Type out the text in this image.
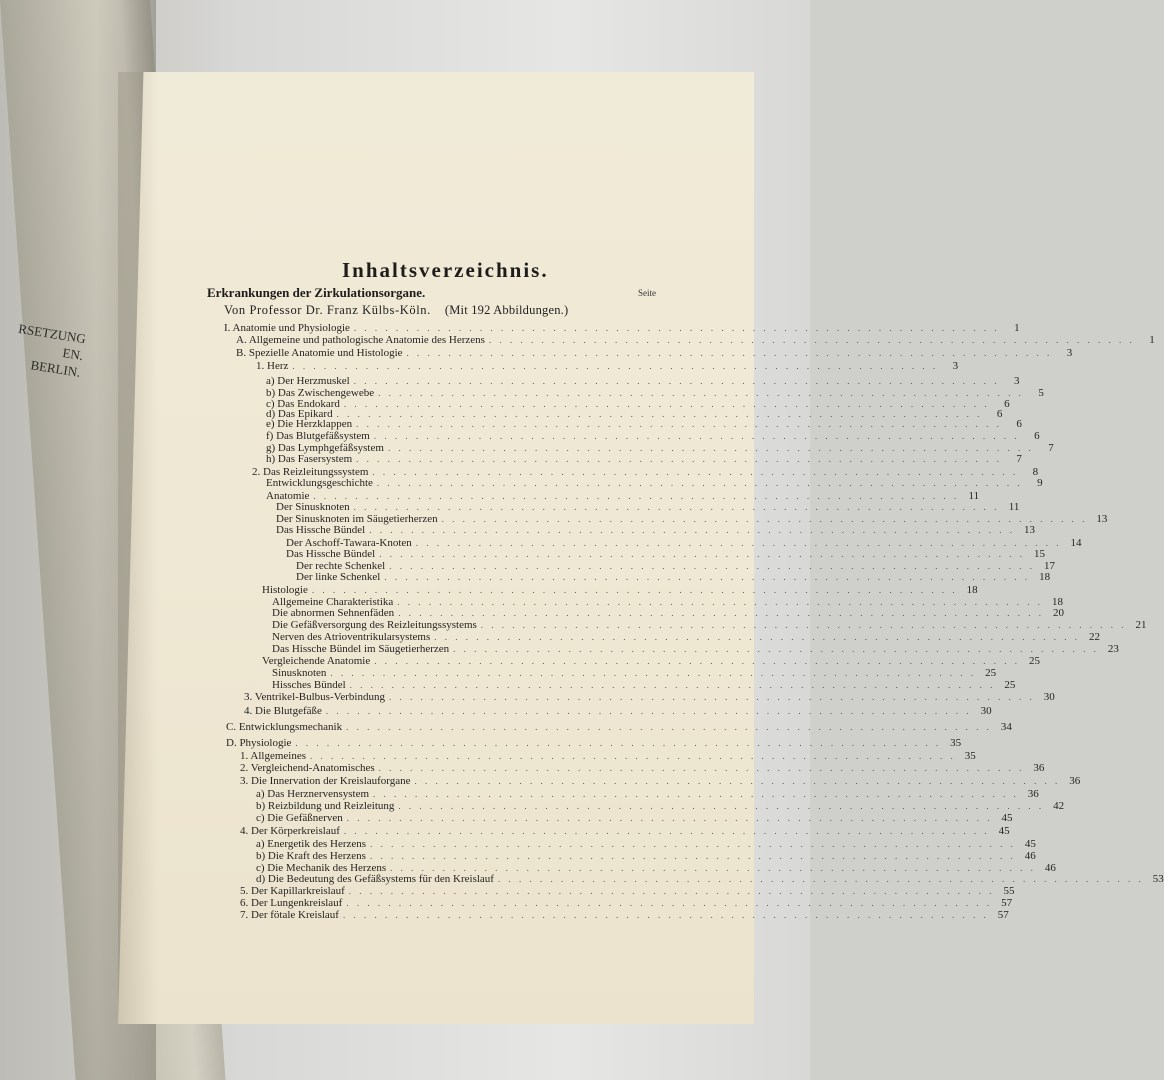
RSETZUNG
EN.
BERLIN.
Inhaltsverzeichnis.
Seite
Erkrankungen der Zirkulationsorgane.
Von Professor Dr. Franz Külbs-Köln. (Mit 192 Abbildungen.)
I. Anatomie und Physiologie . . . . . . . . . . . . . . . . . . . . . . . . . . . . . . . . . . . . . . . . . . . . . . . . . . . . . . . . . . . . . .	1
A. Allgemeine und pathologische Anatomie des Herzens . . . . . . . . . . . . . . . . . . . . . . . . . . . . . . . . . . . . . . . . . . . . . . . . . . . . . . . . . . . . . .	1
B. Spezielle Anatomie und Histologie . . . . . . . . . . . . . . . . . . . . . . . . . . . . . . . . . . . . . . . . . . . . . . . . . . . . . . . . . . . . . .	3
1. Herz . . . . . . . . . . . . . . . . . . . . . . . . . . . . . . . . . . . . . . . . . . . . . . . . . . . . . . . . . . . . . .	3
a) Der Herzmuskel . . . . . . . . . . . . . . . . . . . . . . . . . . . . . . . . . . . . . . . . . . . . . . . . . . . . . . . . . . . . . .	3
b) Das Zwischengewebe . . . . . . . . . . . . . . . . . . . . . . . . . . . . . . . . . . . . . . . . . . . . . . . . . . . . . . . . . . . . . .	5
c) Das Endokard . . . . . . . . . . . . . . . . . . . . . . . . . . . . . . . . . . . . . . . . . . . . . . . . . . . . . . . . . . . . . .	6
d) Das Epikard . . . . . . . . . . . . . . . . . . . . . . . . . . . . . . . . . . . . . . . . . . . . . . . . . . . . . . . . . . . . . .	6
e) Die Herzklappen . . . . . . . . . . . . . . . . . . . . . . . . . . . . . . . . . . . . . . . . . . . . . . . . . . . . . . . . . . . . . .	6
f) Das Blutgefäßsystem . . . . . . . . . . . . . . . . . . . . . . . . . . . . . . . . . . . . . . . . . . . . . . . . . . . . . . . . . . . . . .	6
g) Das Lymphgefäßsystem . . . . . . . . . . . . . . . . . . . . . . . . . . . . . . . . . . . . . . . . . . . . . . . . . . . . . . . . . . . . . .	7
h) Das Fasersystem . . . . . . . . . . . . . . . . . . . . . . . . . . . . . . . . . . . . . . . . . . . . . . . . . . . . . . . . . . . . . .	7
2. Das Reizleitungssystem . . . . . . . . . . . . . . . . . . . . . . . . . . . . . . . . . . . . . . . . . . . . . . . . . . . . . . . . . . . . . .	8
Entwicklungsgeschichte . . . . . . . . . . . . . . . . . . . . . . . . . . . . . . . . . . . . . . . . . . . . . . . . . . . . . . . . . . . . . .	9
Anatomie . . . . . . . . . . . . . . . . . . . . . . . . . . . . . . . . . . . . . . . . . . . . . . . . . . . . . . . . . . . . . . 11
Der Sinusknoten . . . . . . . . . . . . . . . . . . . . . . . . . . . . . . . . . . . . . . . . . . . . . . . . . . . . . . . . . . . . . . 11
Der Sinusknoten im Säugetierherzen . . . . . . . . . . . . . . . . . . . . . . . . . . . . . . . . . . . . . . . . . . . . . . . . . . . . . . . . . . . . . . 13
Das Hissche Bündel . . . . . . . . . . . . . . . . . . . . . . . . . . . . . . . . . . . . . . . . . . . . . . . . . . . . . . . . . . . . . . 13
Der Aschoff-Tawara-Knoten . . . . . . . . . . . . . . . . . . . . . . . . . . . . . . . . . . . . . . . . . . . . . . . . . . . . . . . . . . . . . . 14
Das Hissche Bündel . . . . . . . . . . . . . . . . . . . . . . . . . . . . . . . . . . . . . . . . . . . . . . . . . . . . . . . . . . . . . . 15
Der rechte Schenkel . . . . . . . . . . . . . . . . . . . . . . . . . . . . . . . . . . . . . . . . . . . . . . . . . . . . . . . . . . . . . . 17
Der linke Schenkel . . . . . . . . . . . . . . . . . . . . . . . . . . . . . . . . . . . . . . . . . . . . . . . . . . . . . . . . . . . . . . 18
Histologie . . . . . . . . . . . . . . . . . . . . . . . . . . . . . . . . . . . . . . . . . . . . . . . . . . . . . . . . . . . . . . 18
Allgemeine Charakteristika . . . . . . . . . . . . . . . . . . . . . . . . . . . . . . . . . . . . . . . . . . . . . . . . . . . . . . . . . . . . . . 18
Die abnormen Sehnenfäden . . . . . . . . . . . . . . . . . . . . . . . . . . . . . . . . . . . . . . . . . . . . . . . . . . . . . . . . . . . . . . 20
Die Gefäßversorgung des Reizleitungssystems . . . . . . . . . . . . . . . . . . . . . . . . . . . . . . . . . . . . . . . . . . . . . . . . . . . . . . . . . . . . . . 21
Nerven des Atrioventrikularsystems . . . . . . . . . . . . . . . . . . . . . . . . . . . . . . . . . . . . . . . . . . . . . . . . . . . . . . . . . . . . . . 22
Das Hissche Bündel im Säugetierherzen . . . . . . . . . . . . . . . . . . . . . . . . . . . . . . . . . . . . . . . . . . . . . . . . . . . . . . . . . . . . . . 23
Vergleichende Anatomie . . . . . . . . . . . . . . . . . . . . . . . . . . . . . . . . . . . . . . . . . . . . . . . . . . . . . . . . . . . . . . 25
Sinusknoten . . . . . . . . . . . . . . . . . . . . . . . . . . . . . . . . . . . . . . . . . . . . . . . . . . . . . . . . . . . . . . 25
Hissches Bündel . . . . . . . . . . . . . . . . . . . . . . . . . . . . . . . . . . . . . . . . . . . . . . . . . . . . . . . . . . . . . . 25
3. Ventrikel-Bulbus-Verbindung . . . . . . . . . . . . . . . . . . . . . . . . . . . . . . . . . . . . . . . . . . . . . . . . . . . . . . . . . . . . . . 30
4. Die Blutgefäße . . . . . . . . . . . . . . . . . . . . . . . . . . . . . . . . . . . . . . . . . . . . . . . . . . . . . . . . . . . . . . 30
C. Entwicklungsmechanik . . . . . . . . . . . . . . . . . . . . . . . . . . . . . . . . . . . . . . . . . . . . . . . . . . . . . . . . . . . . . . 34
D. Physiologie . . . . . . . . . . . . . . . . . . . . . . . . . . . . . . . . . . . . . . . . . . . . . . . . . . . . . . . . . . . . . . 35
1. Allgemeines . . . . . . . . . . . . . . . . . . . . . . . . . . . . . . . . . . . . . . . . . . . . . . . . . . . . . . . . . . . . . . 35
2. Vergleichend-Anatomisches . . . . . . . . . . . . . . . . . . . . . . . . . . . . . . . . . . . . . . . . . . . . . . . . . . . . . . . . . . . . . . 36
3. Die Innervation der Kreislauforgane . . . . . . . . . . . . . . . . . . . . . . . . . . . . . . . . . . . . . . . . . . . . . . . . . . . . . . . . . . . . . . 36
a) Das Herznervensystem . . . . . . . . . . . . . . . . . . . . . . . . . . . . . . . . . . . . . . . . . . . . . . . . . . . . . . . . . . . . . . 36
b) Reizbildung und Reizleitung . . . . . . . . . . . . . . . . . . . . . . . . . . . . . . . . . . . . . . . . . . . . . . . . . . . . . . . . . . . . . . 42
c) Die Gefäßnerven . . . . . . . . . . . . . . . . . . . . . . . . . . . . . . . . . . . . . . . . . . . . . . . . . . . . . . . . . . . . . . 45
4. Der Körperkreislauf . . . . . . . . . . . . . . . . . . . . . . . . . . . . . . . . . . . . . . . . . . . . . . . . . . . . . . . . . . . . . . 45
a) Energetik des Herzens . . . . . . . . . . . . . . . . . . . . . . . . . . . . . . . . . . . . . . . . . . . . . . . . . . . . . . . . . . . . . . 45
b) Die Kraft des Herzens . . . . . . . . . . . . . . . . . . . . . . . . . . . . . . . . . . . . . . . . . . . . . . . . . . . . . . . . . . . . . . 46
c) Die Mechanik des Herzens . . . . . . . . . . . . . . . . . . . . . . . . . . . . . . . . . . . . . . . . . . . . . . . . . . . . . . . . . . . . . . 46
d) Die Bedeutung des Gefäßsystems für den Kreislauf . . . . . . . . . . . . . . . . . . . . . . . . . . . . . . . . . . . . . . . . . . . . . . . . . . . . . . . . . . . . . . 53
5. Der Kapillarkreislauf . . . . . . . . . . . . . . . . . . . . . . . . . . . . . . . . . . . . . . . . . . . . . . . . . . . . . . . . . . . . . . 55
6. Der Lungenkreislauf . . . . . . . . . . . . . . . . . . . . . . . . . . . . . . . . . . . . . . . . . . . . . . . . . . . . . . . . . . . . . . 57
7. Der fötale Kreislauf . . . . . . . . . . . . . . . . . . . . . . . . . . . . . . . . . . . . . . . . . . . . . . . . . . . . . . . . . . . . . . 57
